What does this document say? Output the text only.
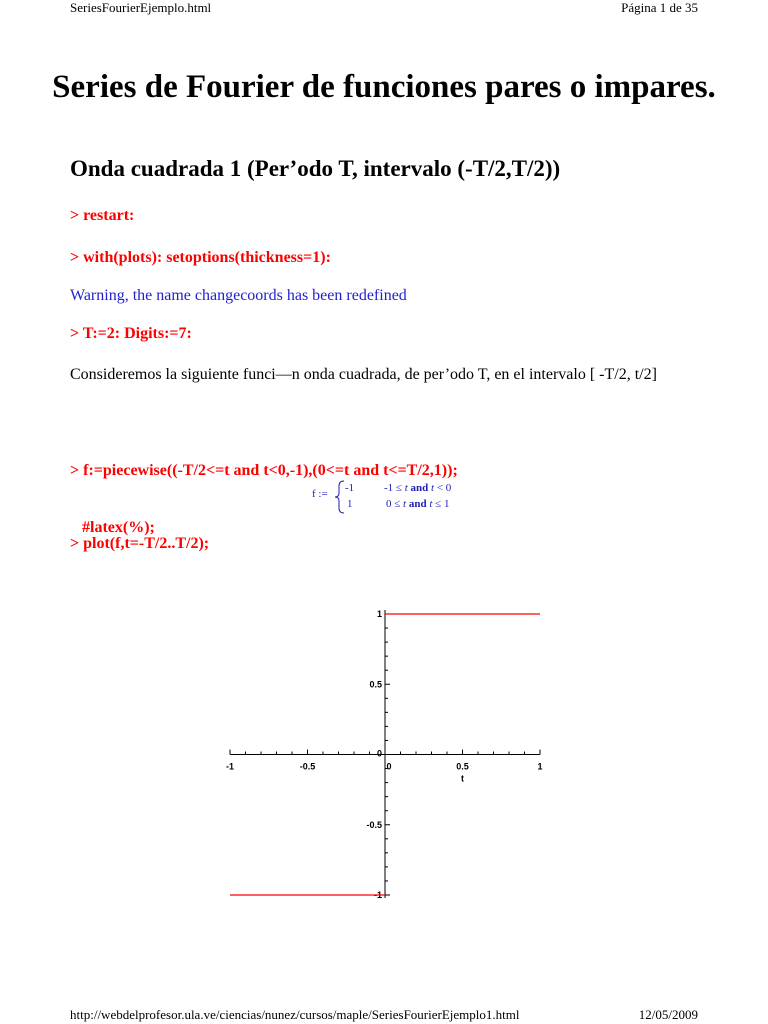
SeriesFourierEjemplo.html	Página 1 de 35
Series de Fourier de funciones pares o impares.
Onda cuadrada 1 (Per’odo T, intervalo (-T/2,T/2))
> restart:
> with(plots): setoptions(thickness=1):
Warning, the name changecoords has been redefined
> T:=2: Digits:=7:
Consideremos la siguiente funci—n onda cuadrada, de per’odo T, en el intervalo [ -T/2, t/2]

> f:=piecewise((-T/2<=t and t<0,-1),(0<=t and t<=T/2,1));

#latex(%);

f := -1	-1 ≤ t and t < 0
1	0 ≤ t and t ≤ 1
> plot(f,t=-T/2..T/2);
-1	-0.5	0	0.5	1
1
0.5
0
-0.5
-1
t
http://webdelprofesor.ula.ve/ciencias/nunez/cursos/maple/SeriesFourierEjemplo1.html	12/05/2009
